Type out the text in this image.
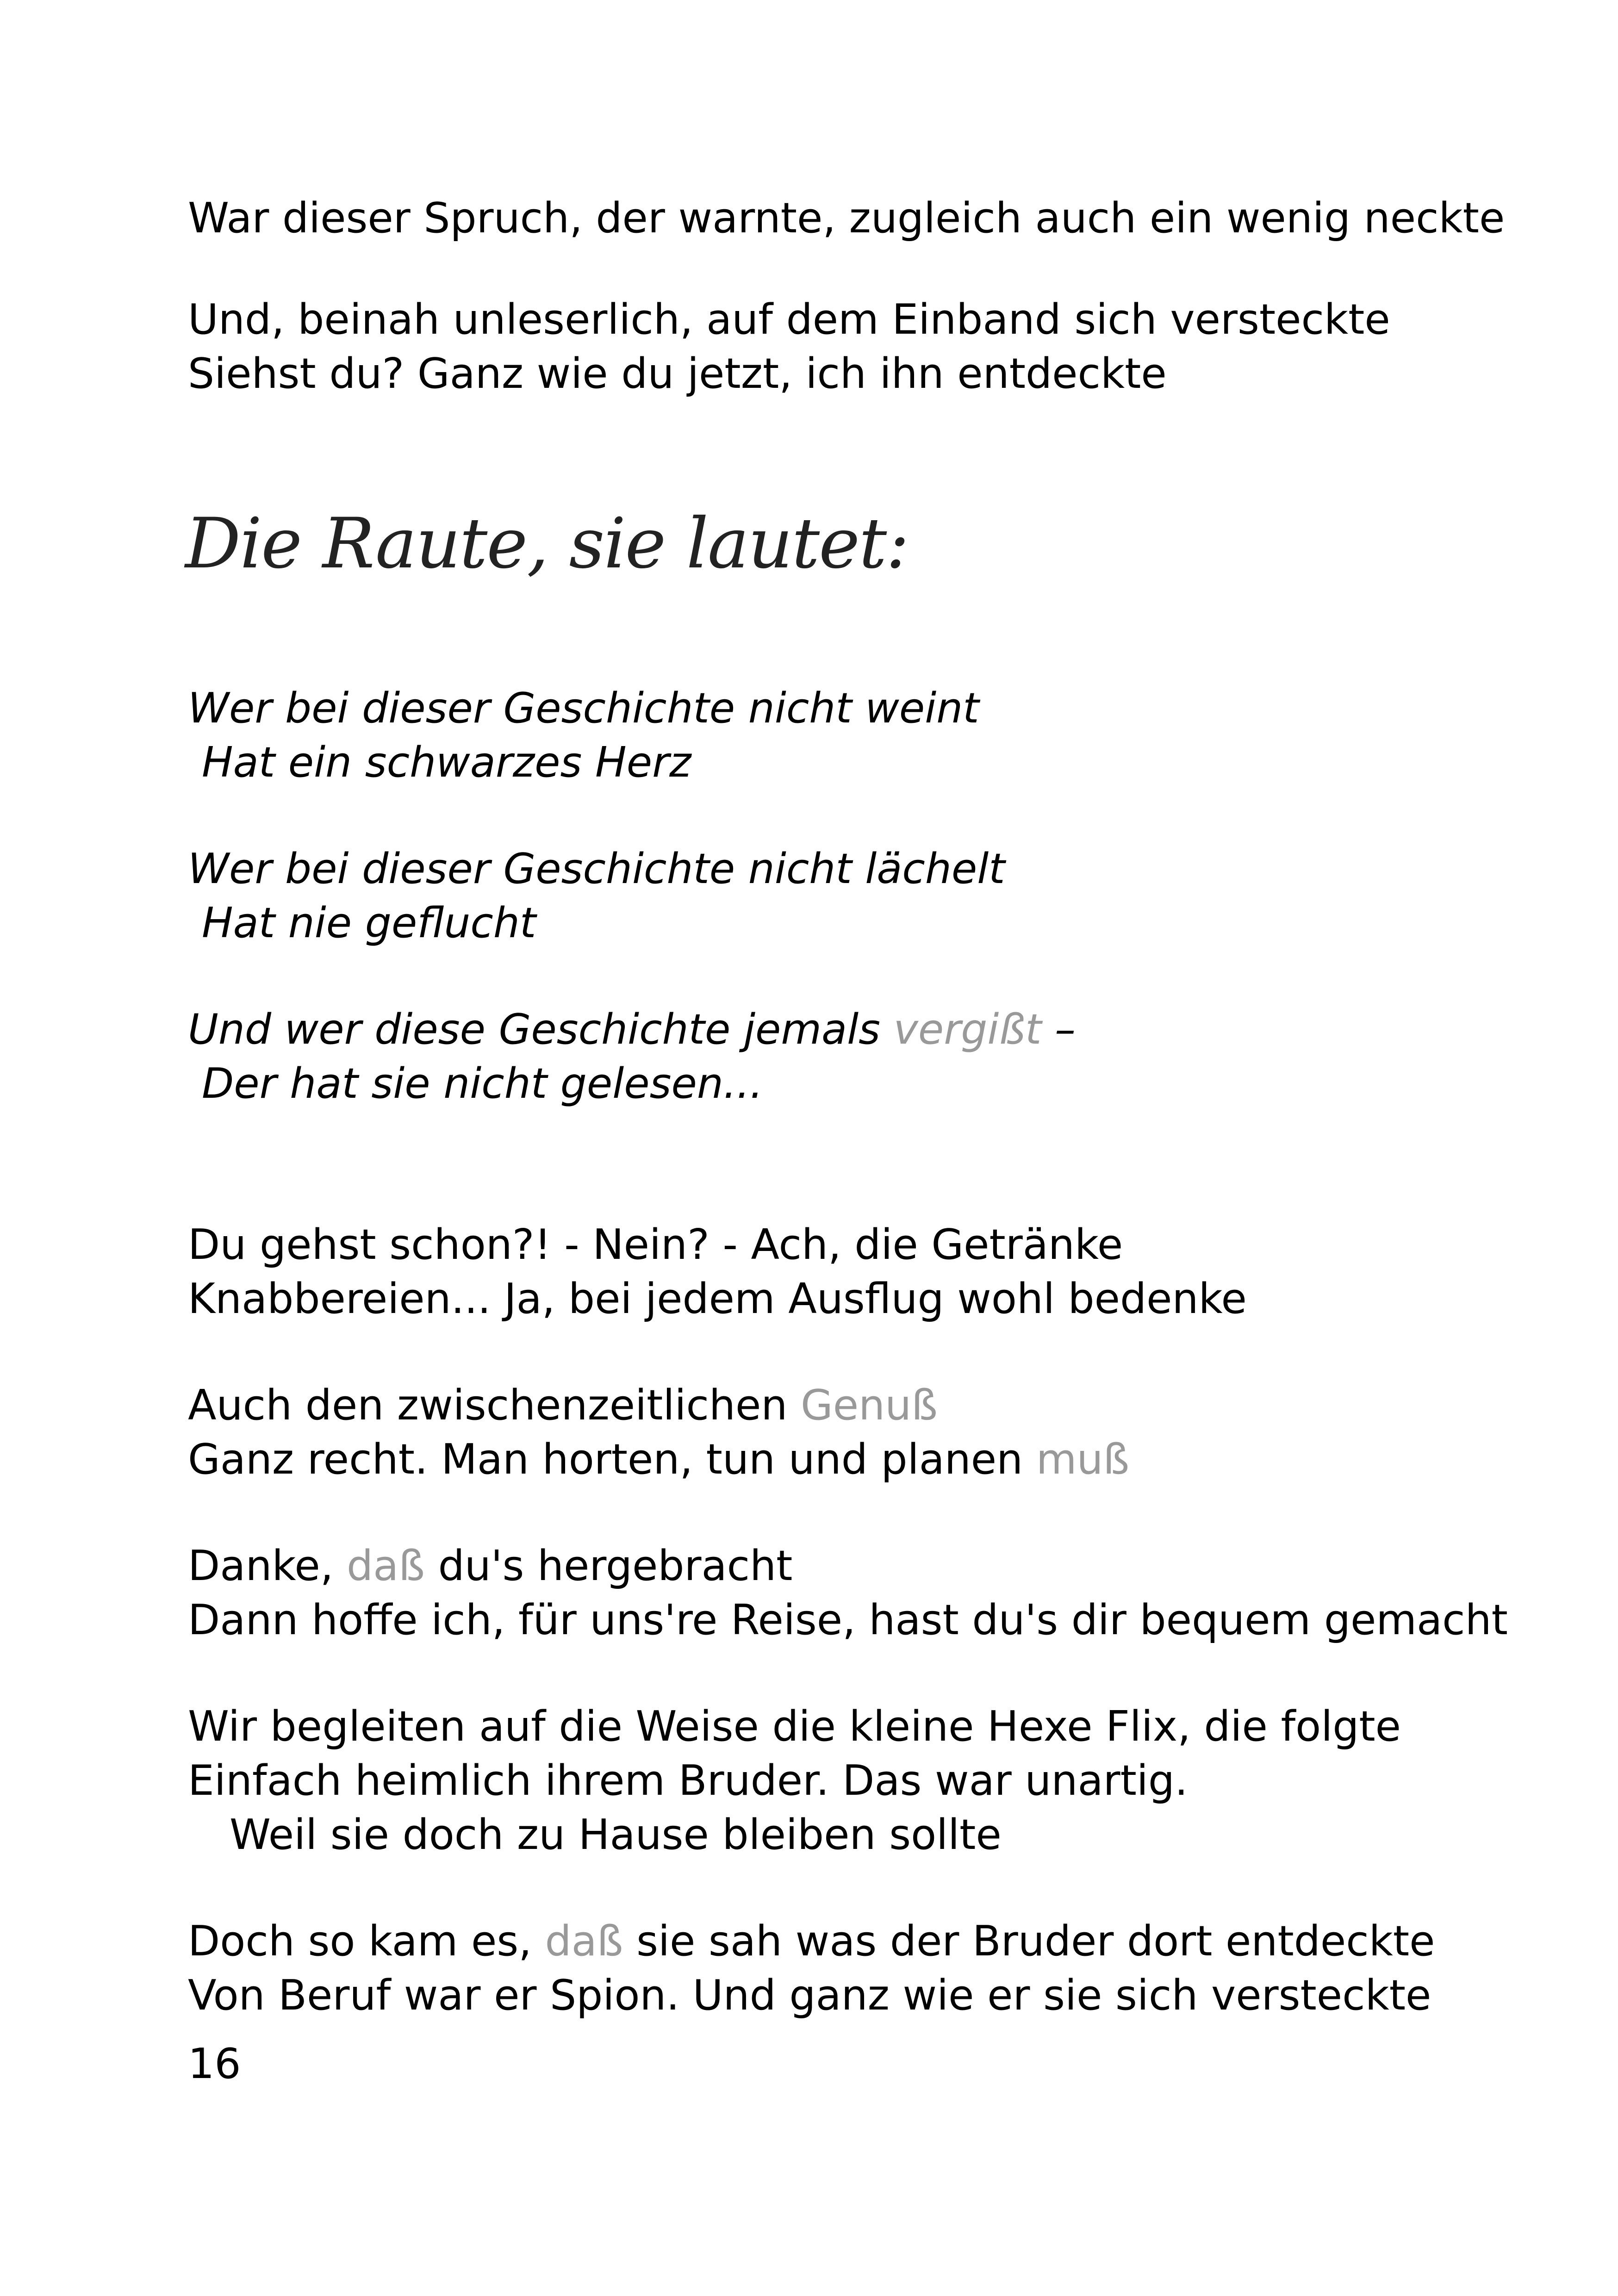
War dieser Spruch, der warnte, zugleich auch ein wenig neckte
Und, beinah unleserlich, auf dem Einband sich versteckte
Siehst du? Ganz wie du jetzt, ich ihn entdeckte
Die Raute, sie lautet:
Wer bei dieser Geschichte nicht weint
Hat ein schwarzes Herz
Wer bei dieser Geschichte nicht lächelt
Hat nie geflucht
Und wer diese Geschichte jemals vergißt –
Der hat sie nicht gelesen...
Du gehst schon?! - Nein? - Ach, die Getränke
Knabbereien... Ja, bei jedem Ausflug wohl bedenke
Auch den zwischenzeitlichen Genuß
Ganz recht. Man horten, tun und planen muß
Danke, daß du's hergebracht
Dann hoffe ich, für uns're Reise, hast du's dir bequem gemacht
Wir begleiten auf die Weise die kleine Hexe Flix, die folgte
Einfach heimlich ihrem Bruder. Das war unartig.
Weil sie doch zu Hause bleiben sollte
Doch so kam es, daß sie sah was der Bruder dort entdeckte
Von Beruf war er Spion. Und ganz wie er sie sich versteckte
16
